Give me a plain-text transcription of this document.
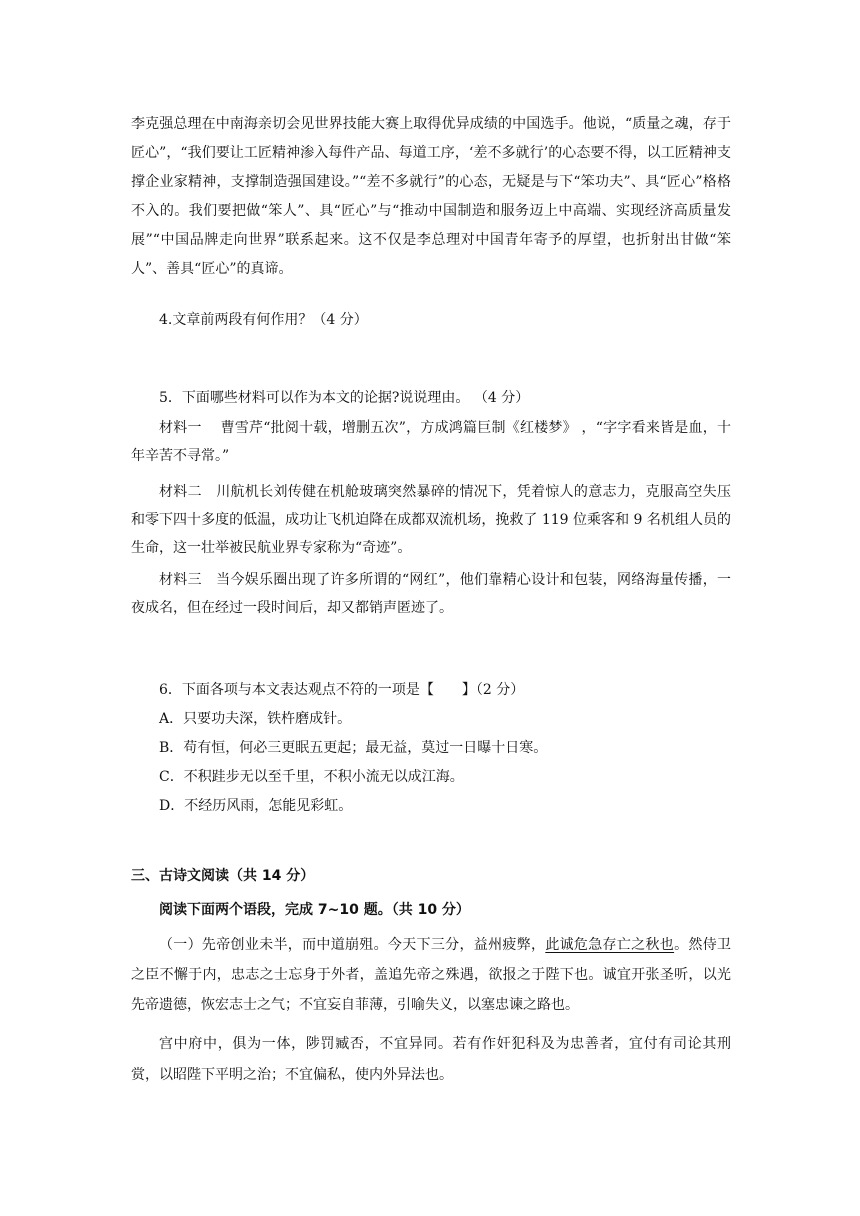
李克强总理在中南海亲切会见世界技能大赛上取得优异成绩的中国选手。他说，“质量之魂，存于匠心”，“我们要让工匠精神渗入每件产品、每道工序，‘差不多就行’的心态要不得，以工匠精神支撑企业家精神，支撑制造强国建设。”“差不多就行”的心态，无疑是与下“笨功夫”、具“匠心”格格不入的。我们要把做“笨人”、具“匠心”与“推动中国制造和服务迈上中高端、实现经济高质量发展”“中国品牌走向世界”联系起来。这不仅是李总理对中国青年寄予的厚望，也折射出甘做“笨人”、善具“匠心”的真谛。

4.文章前两段有何作用？（4 分）
5．下面哪些材料可以作为本文的论据?说说理由。 （4 分）
材料一　 曹雪芹“批阅十载，增删五次”，方成鸿篇巨制《红楼梦》 ，“字字看来皆是血，十年辛苦不寻常。”
材料二　川航机长刘传健在机舱玻璃突然暴碎的情况下，凭着惊人的意志力，克服高空失压和零下四十多度的低温，成功让飞机迫降在成都双流机场，挽救了 119 位乘客和 9 名机组人员的生命，这一壮举被民航业界专家称为“奇迹”。
材料三　当今娱乐圈出现了许多所谓的“网红”，他们靠精心设计和包装，网络海量传播，一夜成名，但在经过一段时间后，却又都销声匿迹了。
6．下面各项与本文表达观点不符的一项是【　　】（2 分）
A．只要功夫深，铁杵磨成针。
B．苟有恒，何必三更眠五更起；最无益，莫过一日曝十日寒。
C．不积跬步无以至千里，不积小流无以成江海。
D．不经历风雨，怎能见彩虹。
三、古诗文阅读（共 14 分）
阅读下面两个语段，完成 7~10 题。（共 10 分）
（一）先帝创业未半，而中道崩殂。今天下三分，益州疲弊，此诚危急存亡之秋也。然侍卫之臣不懈于内，忠志之士忘身于外者，盖追先帝之殊遇，欲报之于陛下也。诚宜开张圣听，以光先帝遗德，恢宏志士之气；不宜妄自菲薄，引喻失义，以塞忠谏之路也。
宫中府中，俱为一体，陟罚臧否，不宜异同。若有作奸犯科及为忠善者，宜付有司论其刑赏，以昭陛下平明之治；不宜偏私，使内外异法也。
